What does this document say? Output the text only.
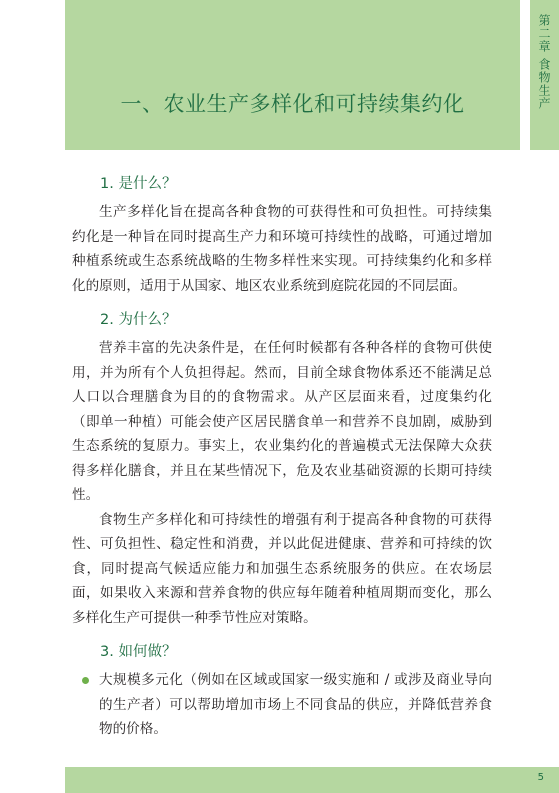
一、农业生产多样化和可持续集约化	第二章 食物生产
1. 是什么？

生产多样化旨在提高各种食物的可获得性和可负担性。可持续集约化是一种旨在同时提高生产力和环境可持续性的战略，可通过增加种植系统或生态系统战略的生物多样性来实现。可持续集约化和多样化的原则，适用于从国家、地区农业系统到庭院花园的不同层面。

2. 为什么？

营养丰富的先决条件是，在任何时候都有各种各样的食物可供使用，并为所有个人负担得起。然而，目前全球食物体系还不能满足总人口以合理膳食为目的的食物需求。从产区层面来看，过度集约化（即单一种植）可能会使产区居民膳食单一和营养不良加剧，威胁到生态系统的复原力。事实上，农业集约化的普遍模式无法保障大众获得多样化膳食，并且在某些情况下，危及农业基础资源的长期可持续性。

食物生产多样化和可持续性的增强有利于提高各种食物的可获得性、可负担性、稳定性和消费，并以此促进健康、营养和可持续的饮食，同时提高气候适应能力和加强生态系统服务的供应。在农场层面，如果收入来源和营养食物的供应每年随着种植周期而变化，那么多样化生产可提供一种季节性应对策略。

3. 如何做？
大规模多元化（例如在区域或国家一级实施和 / 或涉及商业导向的生产者）可以帮助增加市场上不同食品的供应，并降低营养食物的价格。
5
